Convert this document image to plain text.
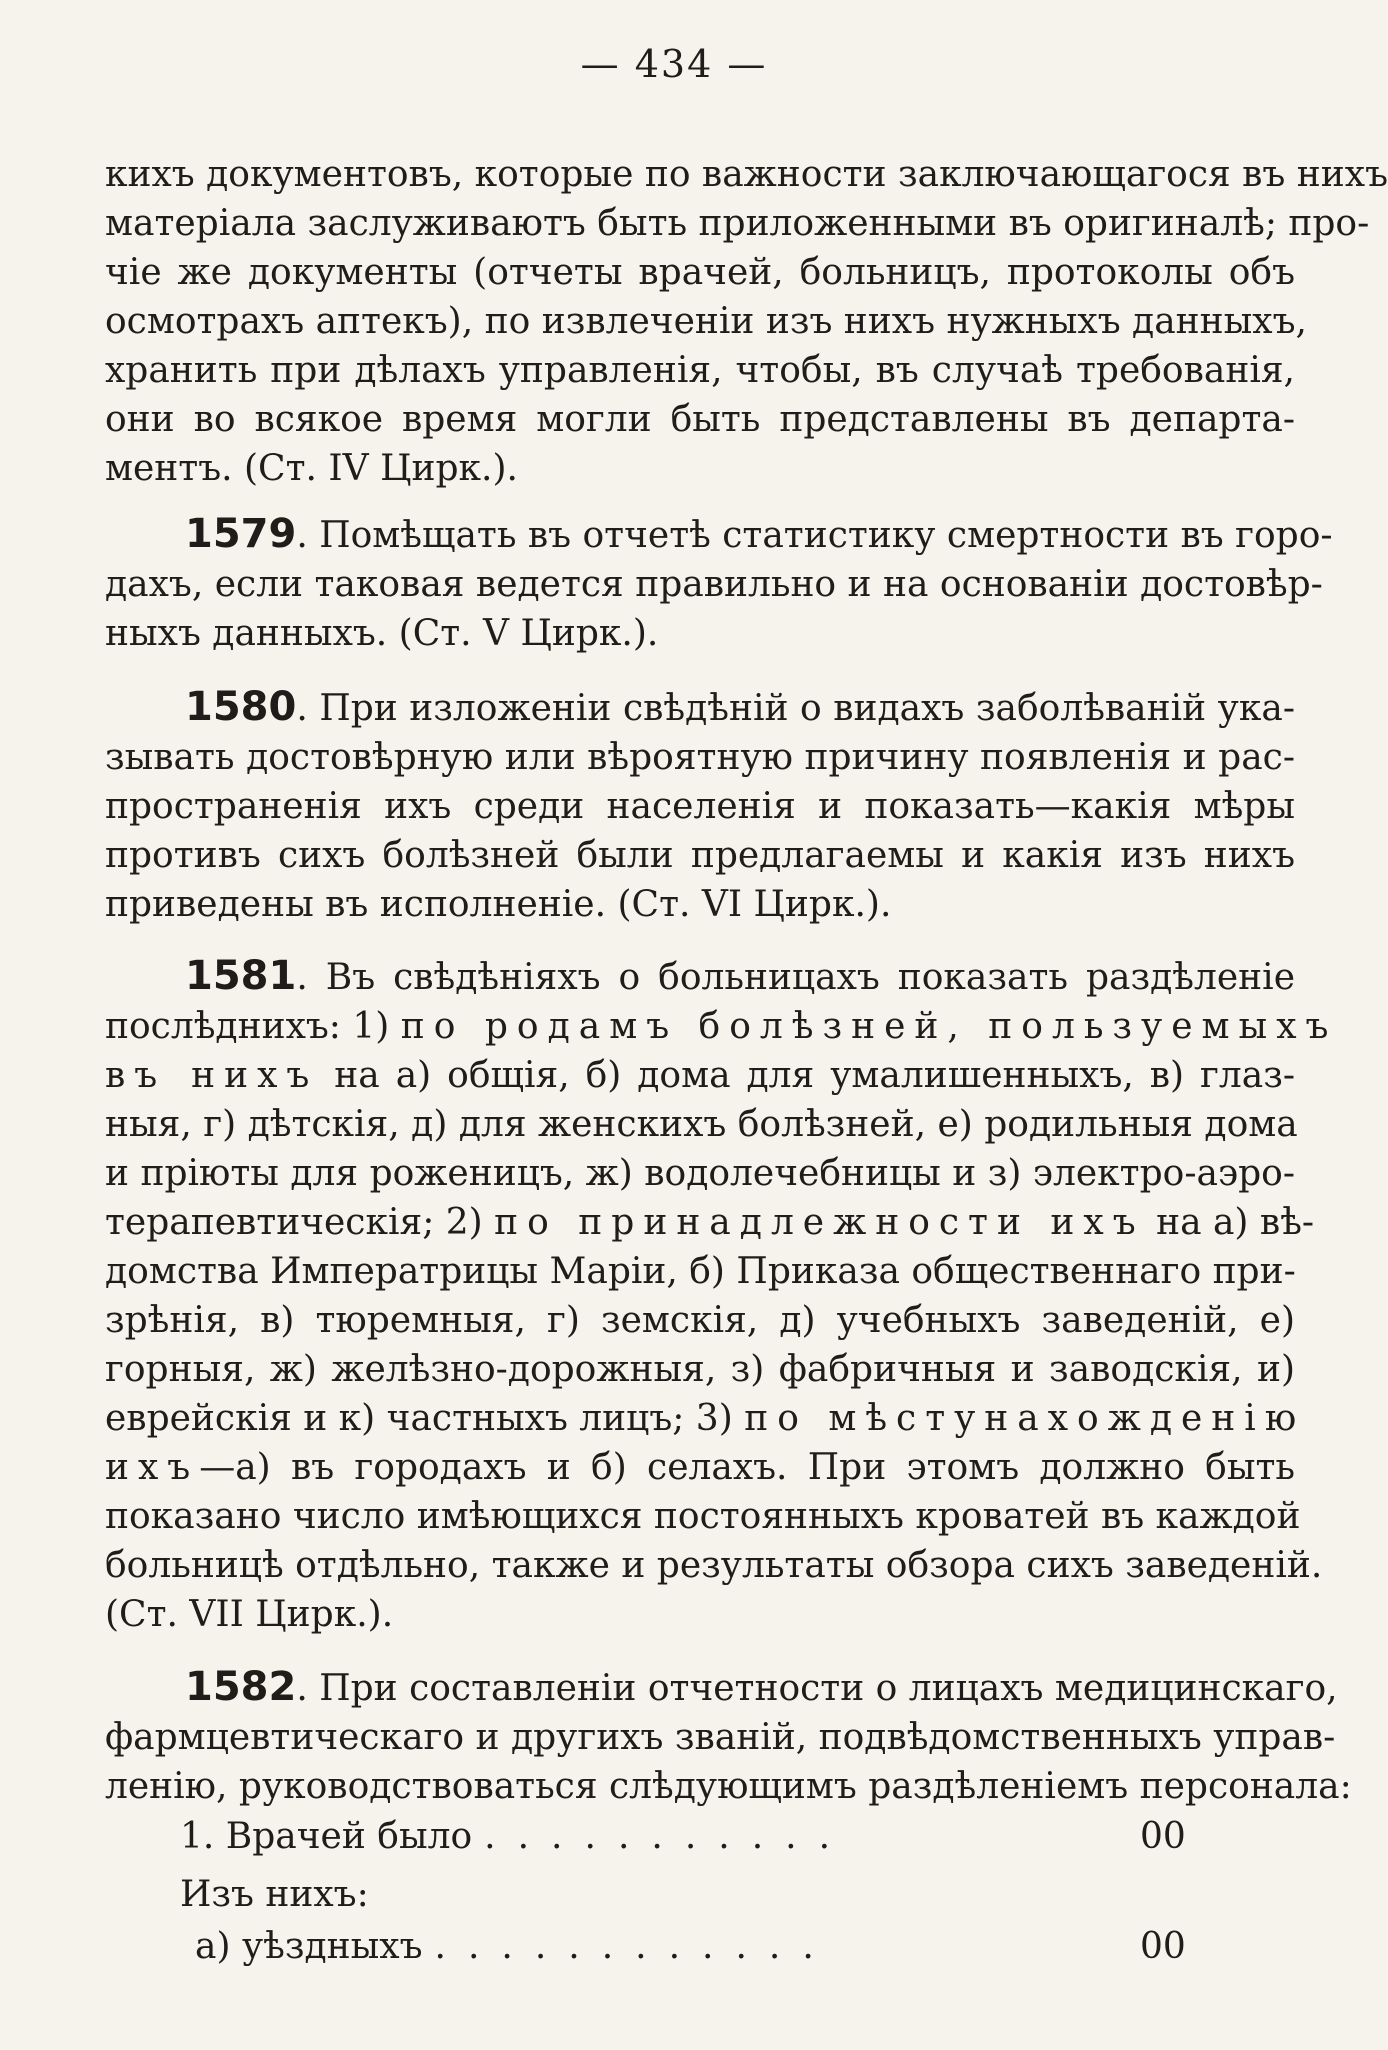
— 434 —
кихъ документовъ, которые по важности заключающагося въ нихъ
матеріала заслуживаютъ быть приложенными въ оригиналѣ; про-
чіе же документы (отчеты врачей, больницъ, протоколы объ
осмотрахъ аптекъ), по извлеченіи изъ нихъ нужныхъ данныхъ,
хранить при дѣлахъ управленія, чтобы, въ случаѣ требованія,
они во всякое время могли быть представлены въ департа-
ментъ. (Ст. IV Цирк.).
1579. Помѣщать въ отчетѣ статистику смертности въ горо-
дахъ, если таковая ведется правильно и на основаніи достовѣр-
ныхъ данныхъ. (Ст. V Цирк.).
1580. При изложеніи свѣдѣній о видахъ заболѣваній ука-
зывать достовѣрную или вѣроятную причину появленія и рас-
пространенія ихъ среди населенія и показать—какія мѣры
противъ сихъ болѣзней были предлагаемы и какія изъ нихъ
приведены въ исполненіе. (Ст. VI Цирк.).
1581. Въ свѣдѣніяхъ о больницахъ показать раздѣленіе
послѣднихъ: 1) по родамъ болѣзней, пользуемыхъ
въ нихъ на а) общія, б) дома для умалишенныхъ, в) глаз-
ныя, г) дѣтскія, д) для женскихъ болѣзней, е) родильныя дома
и пріюты для роженицъ, ж) водолечебницы и з) электро-аэро-
терапевтическія; 2) по принадлежности ихъ на а) вѣ-
домства Императрицы Маріи, б) Приказа общественнаго при-
зрѣнія, в) тюремныя, г) земскія, д) учебныхъ заведеній, е)
горныя, ж) желѣзно-дорожныя, з) фабричныя и заводскія, и)
еврейскія и к) частныхъ лицъ; 3) по мѣстунахожденію
ихъ—а) въ городахъ и б) селахъ. При этомъ должно быть
показано число имѣющихся постоянныхъ кроватей въ каждой
больницѣ отдѣльно, также и результаты обзора сихъ заведеній.
(Ст. VII Цирк.).
1582. При составленіи отчетности о лицахъ медицинскаго,
фармцевтическаго и другихъ званій, подвѣдомственныхъ управ-
ленію, руководствоваться слѣдующимъ раздѣленіемъ персонала:
1. Врачей было ...........	00
Изъ нихъ:
а) уѣздныхъ ............	00
